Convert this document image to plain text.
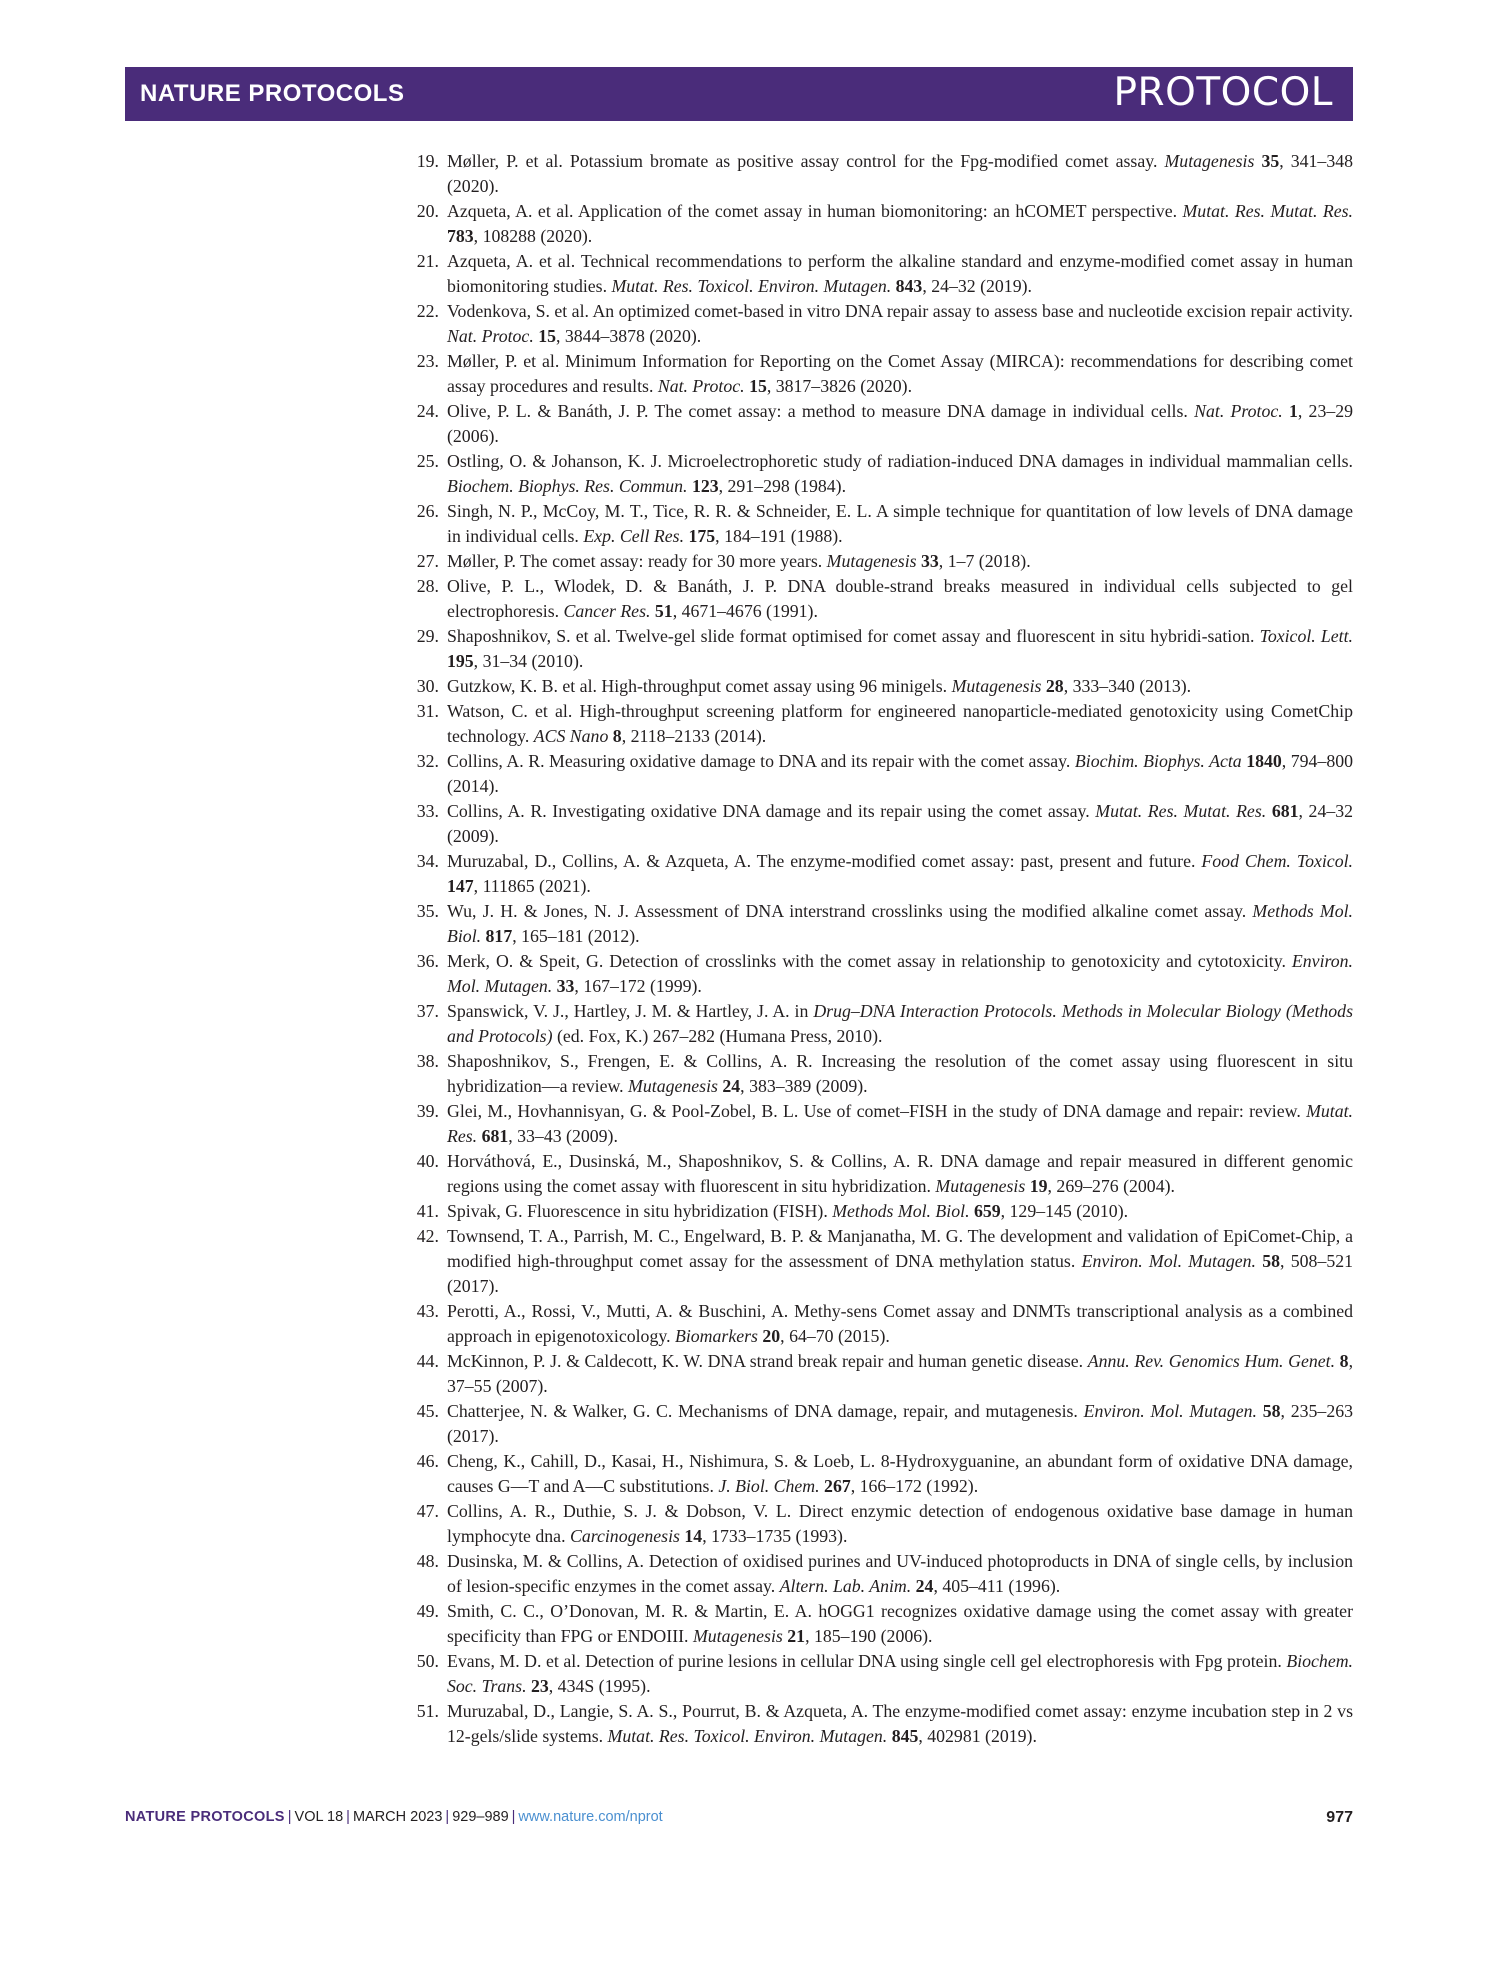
NATURE PROTOCOLS	PROTOCOL
19. Møller, P. et al. Potassium bromate as positive assay control for the Fpg-modified comet assay. Mutagenesis 35, 341–348 (2020).
20. Azqueta, A. et al. Application of the comet assay in human biomonitoring: an hCOMET perspective. Mutat. Res. Mutat. Res. 783, 108288 (2020).
21. Azqueta, A. et al. Technical recommendations to perform the alkaline standard and enzyme-modified comet assay in human biomonitoring studies. Mutat. Res. Toxicol. Environ. Mutagen. 843, 24–32 (2019).
22. Vodenkova, S. et al. An optimized comet-based in vitro DNA repair assay to assess base and nucleotide excision repair activity. Nat. Protoc. 15, 3844–3878 (2020).
23. Møller, P. et al. Minimum Information for Reporting on the Comet Assay (MIRCA): recommendations for describing comet assay procedures and results. Nat. Protoc. 15, 3817–3826 (2020).
24. Olive, P. L. & Banáth, J. P. The comet assay: a method to measure DNA damage in individual cells. Nat. Protoc. 1, 23–29 (2006).
25. Ostling, O. & Johanson, K. J. Microelectrophoretic study of radiation-induced DNA damages in individual mammalian cells. Biochem. Biophys. Res. Commun. 123, 291–298 (1984).
26. Singh, N. P., McCoy, M. T., Tice, R. R. & Schneider, E. L. A simple technique for quantitation of low levels of DNA damage in individual cells. Exp. Cell Res. 175, 184–191 (1988).
27. Møller, P. The comet assay: ready for 30 more years. Mutagenesis 33, 1–7 (2018).
28. Olive, P. L., Wlodek, D. & Banáth, J. P. DNA double-strand breaks measured in individual cells subjected to gel electrophoresis. Cancer Res. 51, 4671–4676 (1991).
29. Shaposhnikov, S. et al. Twelve-gel slide format optimised for comet assay and fluorescent in situ hybridi-sation. Toxicol. Lett. 195, 31–34 (2010).
30. Gutzkow, K. B. et al. High-throughput comet assay using 96 minigels. Mutagenesis 28, 333–340 (2013).
31. Watson, C. et al. High-throughput screening platform for engineered nanoparticle-mediated genotoxicity using CometChip technology. ACS Nano 8, 2118–2133 (2014).
32. Collins, A. R. Measuring oxidative damage to DNA and its repair with the comet assay. Biochim. Biophys. Acta 1840, 794–800 (2014).
33. Collins, A. R. Investigating oxidative DNA damage and its repair using the comet assay. Mutat. Res. Mutat. Res. 681, 24–32 (2009).
34. Muruzabal, D., Collins, A. & Azqueta, A. The enzyme-modified comet assay: past, present and future. Food Chem. Toxicol. 147, 111865 (2021).
35. Wu, J. H. & Jones, N. J. Assessment of DNA interstrand crosslinks using the modified alkaline comet assay. Methods Mol. Biol. 817, 165–181 (2012).
36. Merk, O. & Speit, G. Detection of crosslinks with the comet assay in relationship to genotoxicity and cytotoxicity. Environ. Mol. Mutagen. 33, 167–172 (1999).
37. Spanswick, V. J., Hartley, J. M. & Hartley, J. A. in Drug–DNA Interaction Protocols. Methods in Molecular Biology (Methods and Protocols) (ed. Fox, K.) 267–282 (Humana Press, 2010).
38. Shaposhnikov, S., Frengen, E. & Collins, A. R. Increasing the resolution of the comet assay using fluorescent in situ hybridization—a review. Mutagenesis 24, 383–389 (2009).
39. Glei, M., Hovhannisyan, G. & Pool-Zobel, B. L. Use of comet–FISH in the study of DNA damage and repair: review. Mutat. Res. 681, 33–43 (2009).
40. Horváthová, E., Dusinská, M., Shaposhnikov, S. & Collins, A. R. DNA damage and repair measured in different genomic regions using the comet assay with fluorescent in situ hybridization. Mutagenesis 19, 269–276 (2004).
41. Spivak, G. Fluorescence in situ hybridization (FISH). Methods Mol. Biol. 659, 129–145 (2010).
42. Townsend, T. A., Parrish, M. C., Engelward, B. P. & Manjanatha, M. G. The development and validation of EpiComet-Chip, a modified high-throughput comet assay for the assessment of DNA methylation status. Environ. Mol. Mutagen. 58, 508–521 (2017).
43. Perotti, A., Rossi, V., Mutti, A. & Buschini, A. Methy-sens Comet assay and DNMTs transcriptional analysis as a combined approach in epigenotoxicology. Biomarkers 20, 64–70 (2015).
44. McKinnon, P. J. & Caldecott, K. W. DNA strand break repair and human genetic disease. Annu. Rev. Genomics Hum. Genet. 8, 37–55 (2007).
45. Chatterjee, N. & Walker, G. C. Mechanisms of DNA damage, repair, and mutagenesis. Environ. Mol. Mutagen. 58, 235–263 (2017).
46. Cheng, K., Cahill, D., Kasai, H., Nishimura, S. & Loeb, L. 8-Hydroxyguanine, an abundant form of oxidative DNA damage, causes G––T and A––C substitutions. J. Biol. Chem. 267, 166–172 (1992).
47. Collins, A. R., Duthie, S. J. & Dobson, V. L. Direct enzymic detection of endogenous oxidative base damage in human lymphocyte dna. Carcinogenesis 14, 1733–1735 (1993).
48. Dusinska, M. & Collins, A. Detection of oxidised purines and UV-induced photoproducts in DNA of single cells, by inclusion of lesion-specific enzymes in the comet assay. Altern. Lab. Anim. 24, 405–411 (1996).
49. Smith, C. C., O’Donovan, M. R. & Martin, E. A. hOGG1 recognizes oxidative damage using the comet assay with greater specificity than FPG or ENDOIII. Mutagenesis 21, 185–190 (2006).
50. Evans, M. D. et al. Detection of purine lesions in cellular DNA using single cell gel electrophoresis with Fpg protein. Biochem. Soc. Trans. 23, 434S (1995).
51. Muruzabal, D., Langie, S. A. S., Pourrut, B. & Azqueta, A. The enzyme-modified comet assay: enzyme incubation step in 2 vs 12-gels/slide systems. Mutat. Res. Toxicol. Environ. Mutagen. 845, 402981 (2019).
NATURE PROTOCOLS | VOL 18 | MARCH 2023 | 929–989 | www.nature.com/nprot	977
